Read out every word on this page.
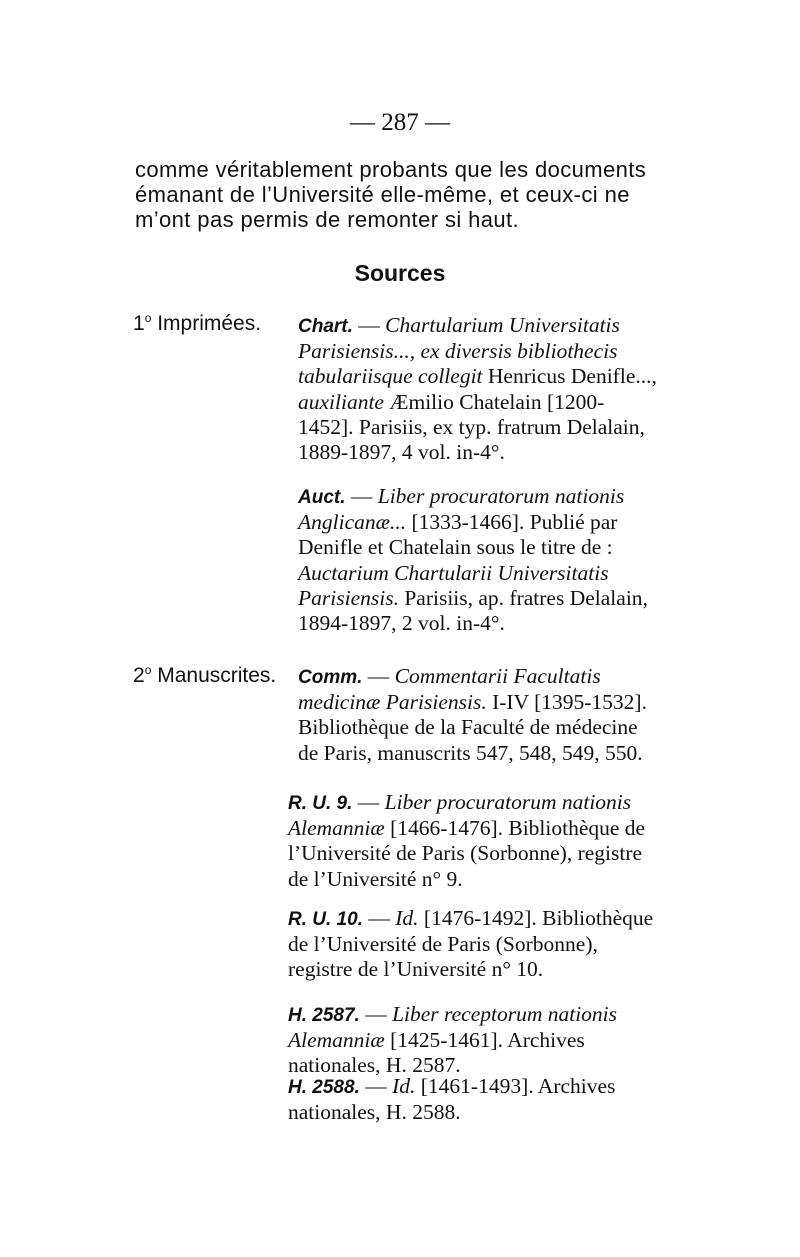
— 287 —
comme véritablement probants que les documents émanant de l’Université elle-même, et ceux-ci ne m’ont pas permis de remonter si haut.
Sources
1$^o$ Imprimées.
2$^o$ Manuscrites.
Chart. — Chartularium Universitatis Parisiensis..., ex diversis bibliothecis tabulariisque collegit Henricus Denifle..., auxiliante Æmilio Chatelain [1200-1452]. Parisiis, ex typ. fratrum Delalain, 1889-1897, 4 vol. in-4°.
Auct. — Liber procuratorum nationis Anglicanæ... [1333-1466]. Publié par Denifle et Chatelain sous le titre de : Auctarium Chartularii Universitatis Parisiensis. Parisiis, ap. fratres Delalain, 1894-1897, 2 vol. in-4°.
Comm. — Commentarii Facultatis medicinæ Parisiensis. I-IV [1395-1532]. Bibliothèque de la Faculté de médecine de Paris, manuscrits 547, 548, 549, 550.
R. U. 9. — Liber procuratorum nationis Alemanniæ [1466-1476]. Bibliothèque de l’Université de Paris (Sorbonne), registre de l’Université n° 9.
R. U. 10. — Id. [1476-1492]. Bibliothèque de l’Université de Paris (Sorbonne), registre de l’Université n° 10.
H. 2587. — Liber receptorum nationis Alemanniæ [1425-1461]. Archives nationales, H. 2587.
H. 2588. — Id. [1461-1493]. Archives nationales, H. 2588.
